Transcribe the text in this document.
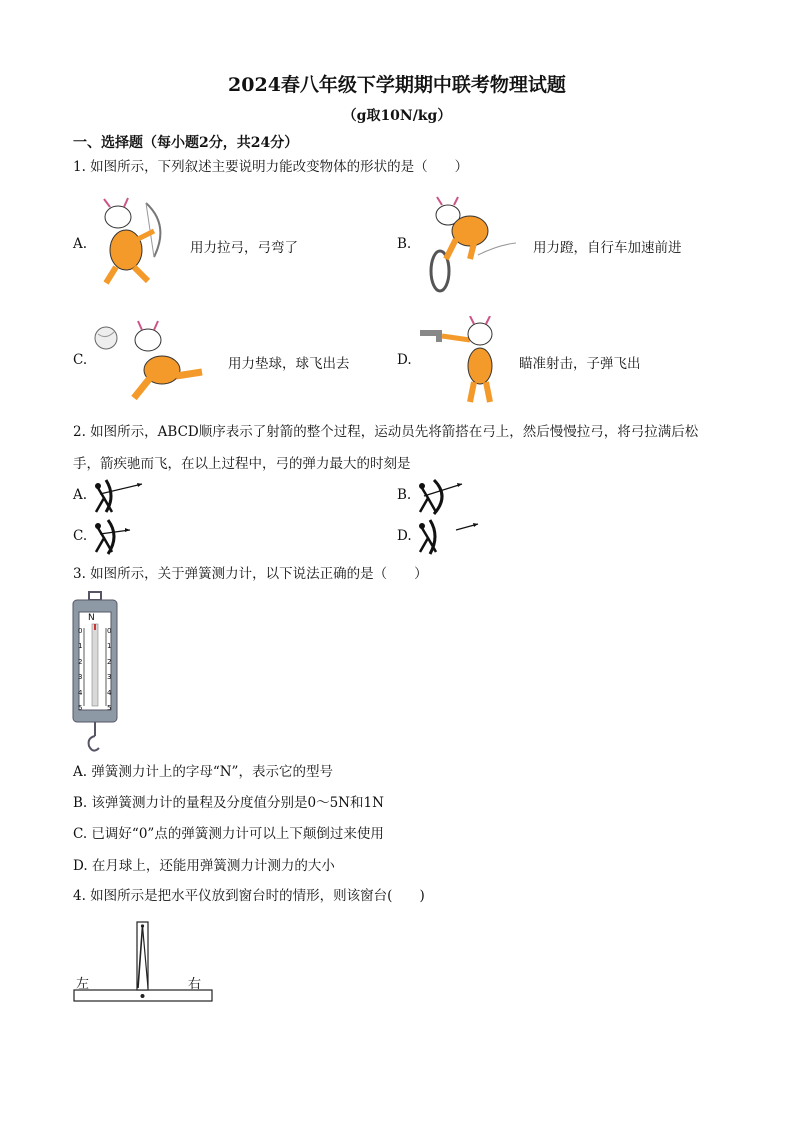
2024春八年级下学期期中联考物理试题
（g取10N/kg）
一、选择题（每小题2分，共24分）
1. 如图所示，下列叙述主要说明力能改变物体的形状的是（　　）
A.	用力拉弓，弓弯了	B.	用力蹬，自行车加速前进
C.	用力垫球，球飞出去	D.	瞄准射击，子弹飞出
2. 如图所示，ABCD顺序表示了射箭的整个过程，运动员先将箭搭在弓上，然后慢慢拉弓，将弓拉满后松手，箭疾驰而飞，在以上过程中，弓的弹力最大的时刻是
A.	B.
C.	D.
3. 如图所示，关于弹簧测力计，以下说法正确的是（　　）
N
0
1
2
3
4
5
0
1
2
3
4
5
A. 弹簧测力计上的字母“N”，表示它的型号
B. 该弹簧测力计的量程及分度值分别是0～5N和1N
C. 已调好“0”点的弹簧测力计可以上下颠倒过来使用
D. 在月球上，还能用弹簧测力计测力的大小
4. 如图所示是把水平仪放到窗台时的情形，则该窗台(　　)
左	右
